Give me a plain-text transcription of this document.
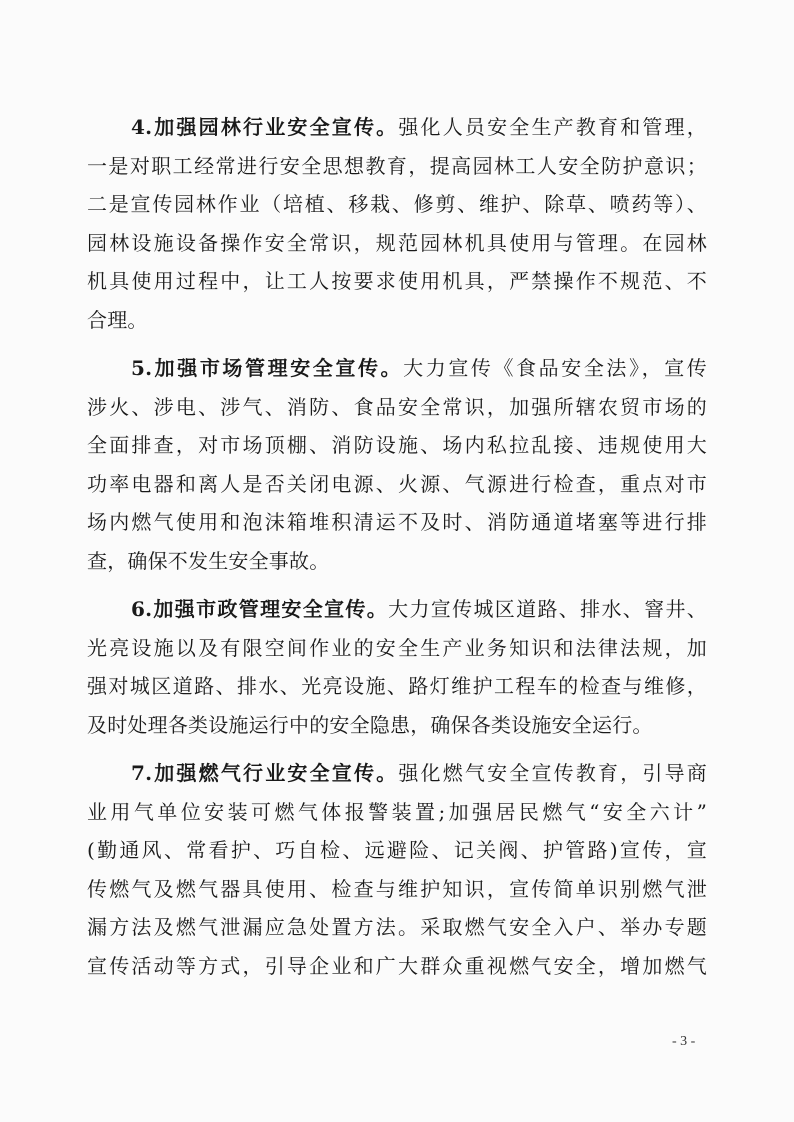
4.加强园林行业安全宣传。强化人员安全生产教育和管理，
一是对职工经常进行安全思想教育，提高园林工人安全防护意识；
二是宣传园林作业（培植、移栽、修剪、维护、除草、喷药等）、
园林设施设备操作安全常识，规范园林机具使用与管理。在园林
机具使用过程中，让工人按要求使用机具，严禁操作不规范、不
合理。
5.加强市场管理安全宣传。大力宣传《食品安全法》，宣传
涉火、涉电、涉气、消防、食品安全常识，加强所辖农贸市场的
全面排查，对市场顶棚、消防设施、场内私拉乱接、违规使用大
功率电器和离人是否关闭电源、火源、气源进行检查，重点对市
场内燃气使用和泡沫箱堆积清运不及时、消防通道堵塞等进行排
查，确保不发生安全事故。
6.加强市政管理安全宣传。大力宣传城区道路、排水、窨井、
光亮设施以及有限空间作业的安全生产业务知识和法律法规，加
强对城区道路、排水、光亮设施、路灯维护工程车的检查与维修，
及时处理各类设施运行中的安全隐患，确保各类设施安全运行。
7.加强燃气行业安全宣传。强化燃气安全宣传教育，引导商
业用气单位安装可燃气体报警装置;加强居民燃气“安全六计”
(勤通风、常看护、巧自检、远避险、记关阀、护管路)宣传，宣
传燃气及燃气器具使用、检查与维护知识，宣传简单识别燃气泄
漏方法及燃气泄漏应急处置方法。采取燃气安全入户、举办专题
宣传活动等方式，引导企业和广大群众重视燃气安全，增加燃气
- 3 -
